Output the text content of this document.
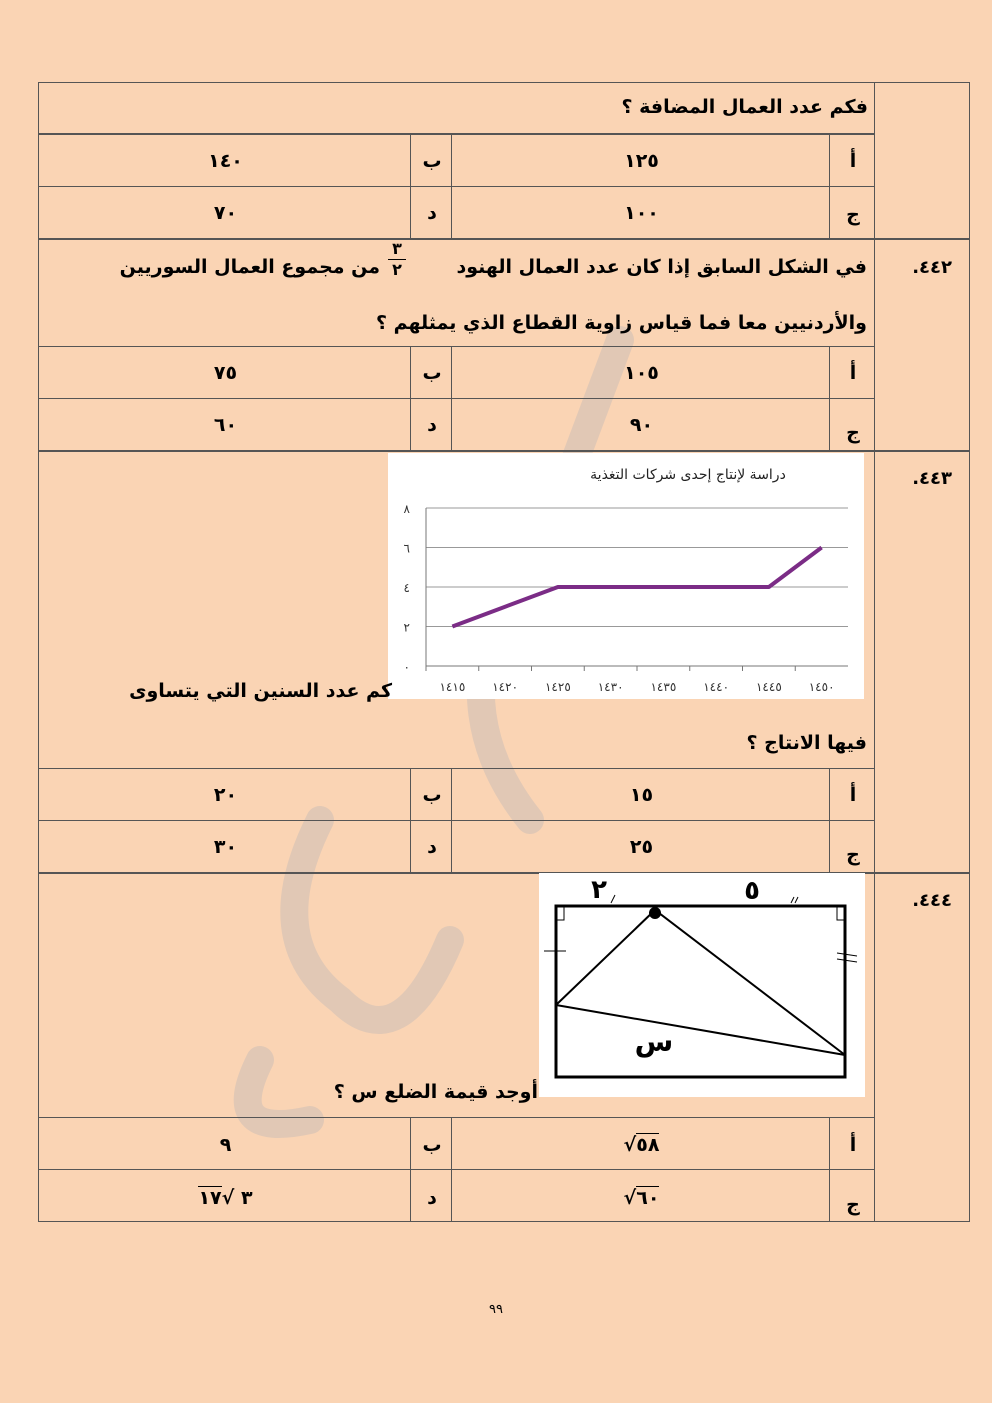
فكم عدد العمال المضافة ؟
أ
١٢٥
ب
١٤٠
ج
١٠٠
د
٧٠
.٤٤٢
في الشكل السابق إذا كان عدد العمال الهنود
٣
٢
من مجموع العمال السوريين
والأردنيين معا فما قياس زاوية القطاع الذي يمثلهم ؟
أ
١٠٥
ب
٧٥
ج
٩٠
د
٦٠
.٤٤٣
دراسة لإنتاج إحدى شركات التغذية
٠
٢
٤
٦
٨
١٤١٥ ١٤٢٠ ١٤٢٥ ١٤٣٠ ١٤٣٥ ١٤٤٠ ١٤٤٥ ١٤٥٠
كم عدد السنين التي يتساوى
فيها الانتاج ؟
أ
١٥
ب
٢٠
ج
٢٥
د
٣٠
.٤٤٤
٢	٥
س
أوجد قيمة الضلع س ؟
أ
√٥٨
ب
٩
ج
√٦٠
د
٣ √١٧
٩٩
